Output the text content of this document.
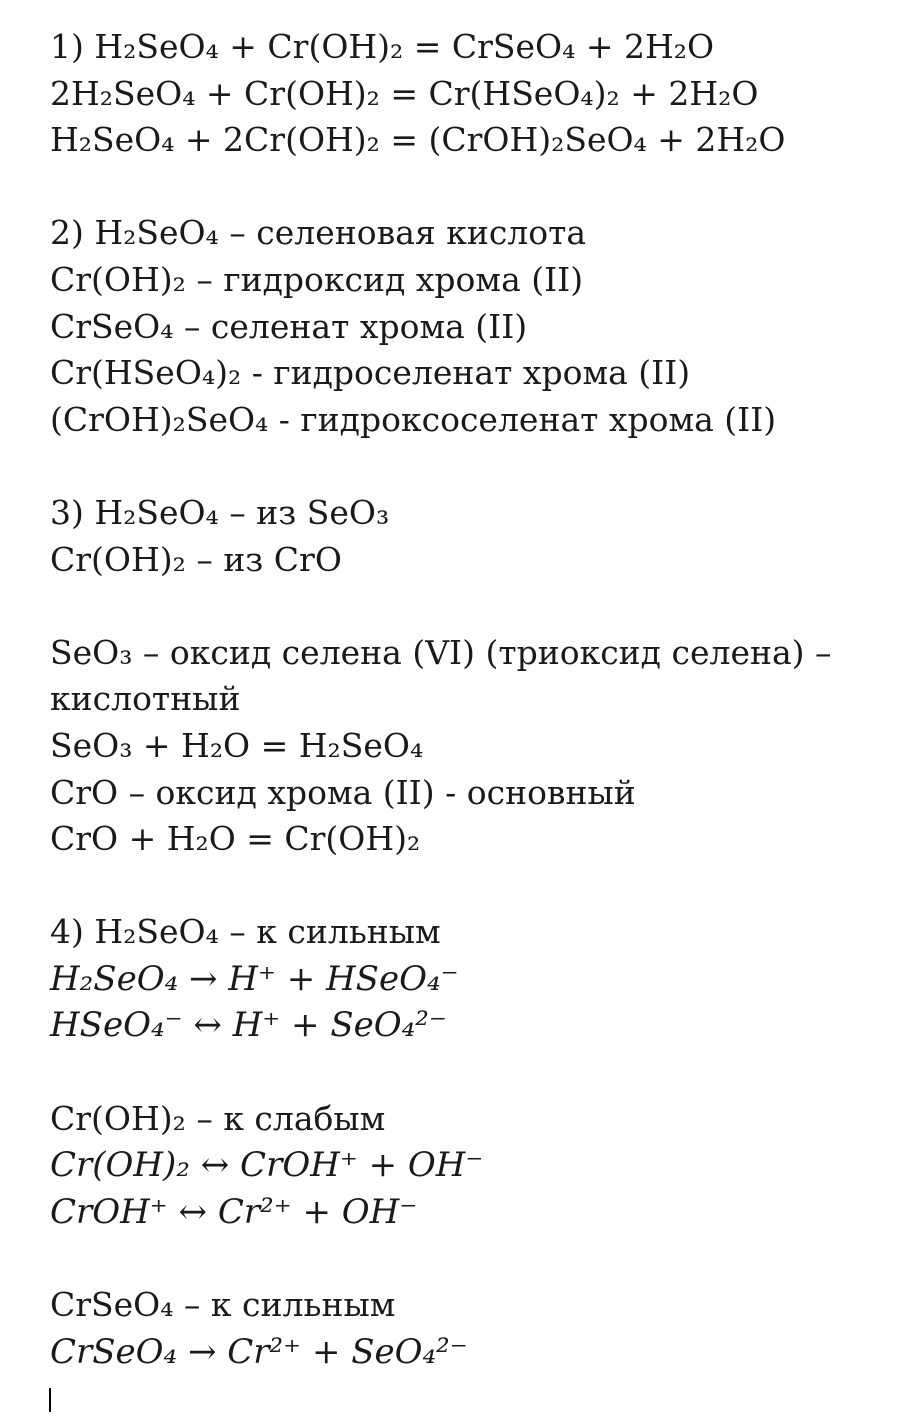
1) H₂SeO₄ + Cr(OH)₂ = CrSeO₄ + 2H₂O
2H₂SeO₄ + Cr(OH)₂ = Cr(HSeO₄)₂ + 2H₂O
H₂SeO₄ + 2Cr(OH)₂ = (CrOH)₂SeO₄ + 2H₂O
2) H₂SeO₄ – селеновая кислота
Cr(OH)₂ – гидроксид хрома (II)
CrSeO₄ – селенат хрома (II)
Cr(HSeO₄)₂ - гидроселенат хрома (II)
(CrOH)₂SeO₄ - гидроксоселенат хрома (II)
3) H₂SeO₄ – из SeO₃
Cr(OH)₂ – из CrO
SeO₃ – оксид селена (VI) (триоксид селена) –
кислотный
SeO₃ + H₂O = H₂SeO₄
CrO – оксид хрома (II) - основный
CrO + H₂O = Cr(OH)₂
4) H₂SeO₄ – к сильным
H₂SeO₄ → H⁺ + HSeO₄⁻
HSeO₄⁻ ↔ H⁺ + SeO₄²⁻
Cr(OH)₂ – к слабым
Cr(OH)₂ ↔ CrOH⁺ + OH⁻
CrOH⁺ ↔ Cr²⁺ + OH⁻
CrSeO₄ – к сильным
CrSeO₄ → Cr²⁺ + SeO₄²⁻
